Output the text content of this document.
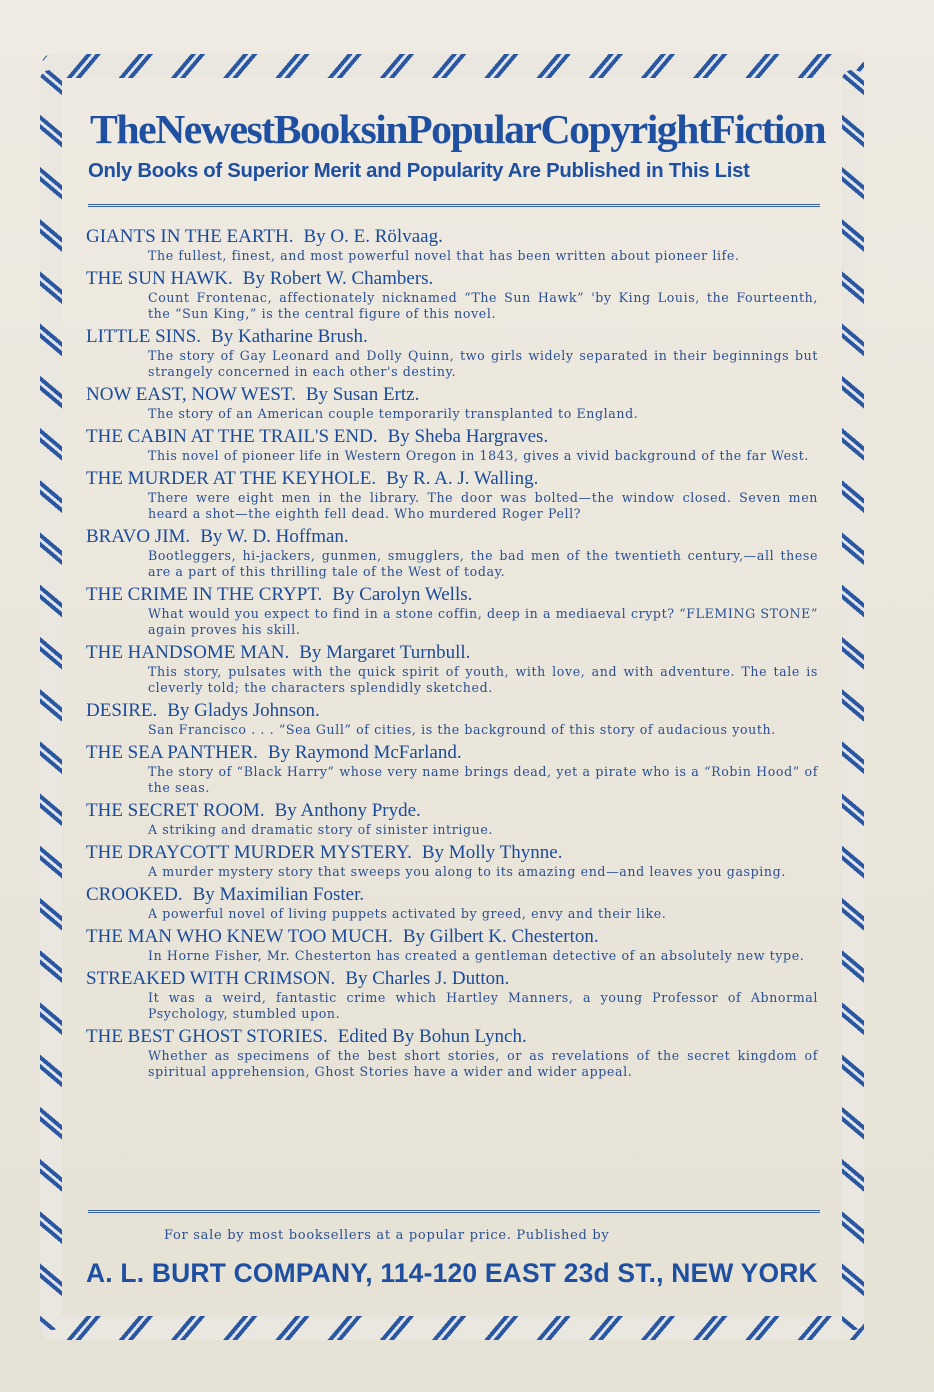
TheNewestBooksinPopularCopyrightFiction
Only Books of Superior Merit and Popularity Are Published in This List
GIANTS IN THE EARTH. By O. E. Rölvaag.
The fullest, finest, and most powerful novel that has been written about pioneer life.
THE SUN HAWK. By Robert W. Chambers.
Count Frontenac, affectionately nicknamed “The Sun Hawk” 'by King Louis, the Fourteenth, the “Sun King,” is the central figure of this novel.
LITTLE SINS. By Katharine Brush.
The story of Gay Leonard and Dolly Quinn, two girls widely separated in their beginnings but strangely concerned in each other's destiny.
NOW EAST, NOW WEST. By Susan Ertz.
The story of an American couple temporarily transplanted to England.
THE CABIN AT THE TRAIL'S END. By Sheba Hargraves.
This novel of pioneer life in Western Oregon in 1843, gives a vivid background of the far West.
THE MURDER AT THE KEYHOLE. By R. A. J. Walling.
There were eight men in the library. The door was bolted—the window closed. Seven men heard a shot—the eighth fell dead. Who murdered Roger Pell?
BRAVO JIM. By W. D. Hoffman.
Bootleggers, hi-jackers, gunmen, smugglers, the bad men of the twentieth century,—all these are a part of this thrilling tale of the West of today.
THE CRIME IN THE CRYPT. By Carolyn Wells.
What would you expect to find in a stone coffin, deep in a mediaeval crypt? “FLEMING STONE” again proves his skill.
THE HANDSOME MAN. By Margaret Turnbull.
This story, pulsates with the quick spirit of youth, with love, and with adventure. The tale is cleverly told; the characters splendidly sketched.
DESIRE. By Gladys Johnson.
San Francisco . . . “Sea Gull” of cities, is the background of this story of audacious youth.
THE SEA PANTHER. By Raymond McFarland.
The story of “Black Harry” whose very name brings dead, yet a pirate who is a “Robin Hood” of the seas.
THE SECRET ROOM. By Anthony Pryde.
A striking and dramatic story of sinister intrigue.
THE DRAYCOTT MURDER MYSTERY. By Molly Thynne.
A murder mystery story that sweeps you along to its amazing end—and leaves you gasping.
CROOKED. By Maximilian Foster.
A powerful novel of living puppets activated by greed, envy and their like.
THE MAN WHO KNEW TOO MUCH. By Gilbert K. Chesterton.
In Horne Fisher, Mr. Chesterton has created a gentleman detective of an absolutely new type.
STREAKED WITH CRIMSON. By Charles J. Dutton.
It was a weird, fantastic crime which Hartley Manners, a young Professor of Abnormal Psychology, stumbled upon.
THE BEST GHOST STORIES. Edited By Bohun Lynch.
Whether as specimens of the best short stories, or as revelations of the secret kingdom of spiritual apprehension, Ghost Stories have a wider and wider appeal.
For sale by most booksellers at a popular price. Published by
A. L. BURT COMPANY, 114-120 EAST 23d ST., NEW YORK
